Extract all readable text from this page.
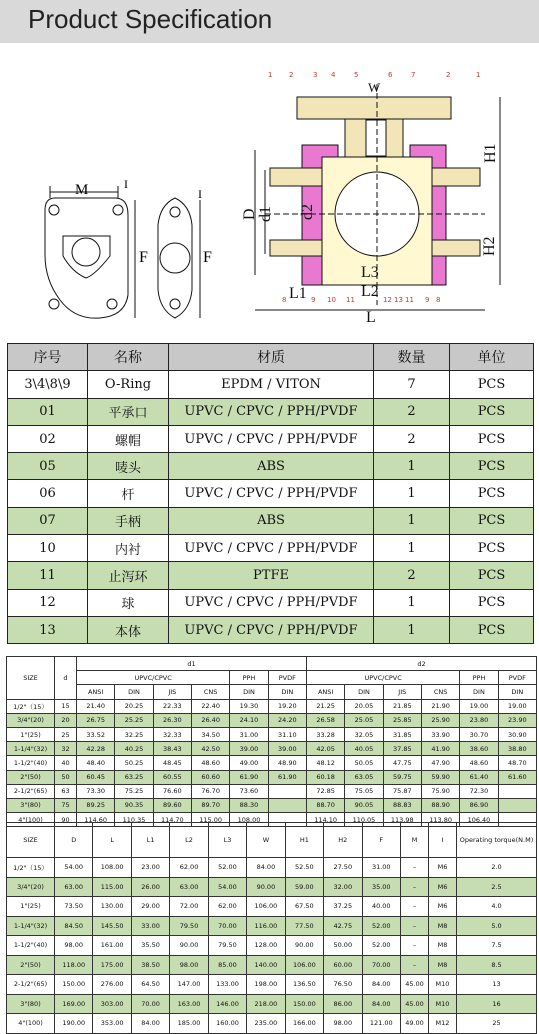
Product Specification
M	I
F
I
F
W
H1
H2
D d1 d2
L
L1	L2
L3
1 2	3 4	5	6	7	2	1
8	9 10 11	12 13 11 9 8
序号	名称	材质	数量	单位
3\4\8\9	O-Ring	EPDM / VITON	7	PCS
01	平承口	UPVC / CPVC / PPH/PVDF	2	PCS
02	螺帽	UPVC / CPVC / PPH/PVDF	2	PCS
05	唛头	ABS	1	PCS
06	杆	UPVC / CPVC / PPH/PVDF	1	PCS
07	手柄	ABS	1	PCS
10	内衬	UPVC / CPVC / PPH/PVDF	1	PCS
11	止泻环	PTFE	2	PCS
12	球	UPVC / CPVC / PPH/PVDF	1	PCS
13	本体	UPVC / CPVC / PPH/PVDF	1	PCS
SIZE	d	d1						d2					
		UPVC/CPVC				PPH	PVDF	UPVC/CPVC				PPH	PVDF
		ANSI	DIN	JIS	CNS	DIN	DIN	ANSI	DIN	JIS	CNS	DIN	DIN
1/2"（15）	15	21.40	20.25	22.33	22.40	19.30	19.20	21.25	20.05	21.85	21.90	19.00	19.00
3/4"(20)	20	26.75	25.25	26.30	26.40	24.10	24.20	26.58	25.05	25.85	25.90	23.80	23.90
1"(25)	25	33.52	32.25	32.33	34.50	31.00	31.10	33.28	32.05	31.85	33.90	30.70	30.90
1-1/4"(32)	32	42.28	40.25	38.43	42.50	39.00	39.00	42.05	40.05	37.85	41.90	38.60	38.80
1-1/2"(40)	40	48.40	50.25	48.45	48.60	49.00	48.90	48.12	50.05	47.75	47.90	48.60	48.70
2"(50)	50	60.45	63.25	60.55	60.60	61.90	61.90	60.18	63.05	59.75	59.90	61.40	61.60
2-1/2"(65)	63	73.30	75.25	76.60	76.70	73.60		72.85	75.05	75.87	75.90	72.30	
3"(80)	75	89.25	90.35	89.60	89.70	88.30		88.70	90.05	88.83	88.90	86.90	
4"(100)	90	114.60	110.35	114.70	115.00	108.00		114.10	110.05	113.98	113.80	106.40	
SIZE	D	L	L1	L2	L3	W	H1	H2	F	M	I	Operating torque(N.M)
1/2"（15）	54.00	108.00	23.00	62.00	52.00	84.00	52.50	27.50	31.00	–	M6	2.0
3/4"(20)	63.00	115.00	26.00	63.00	54.00	90.00	59.00	32.00	35.00	–	M6	2.5
1"(25)	73.50	130.00	29.00	72.00	62.00	106.00	67.50	37.25	40.00	–	M6	4.0
1-1/4"(32)	84.50	145.50	33.00	79.50	70.00	116.00	77.50	42.75	52.00	–	M8	5.0
1-1/2"(40)	98.00	161.00	35.50	90.00	79.50	128.00	90.00	50.00	52.00	–	M8	7.5
2"(50)	118.00	175.00	38.50	98.00	85.00	140.00	106.00	60.00	70.00	–	M8	8.5
2-1/2"(65)	150.00	276.00	64.50	147.00	133.00	198.00	136.50	76.50	84.00	45.00	M10	13
3"(80)	169.00	303.00	70.00	163.00	146.00	218.00	150.00	86.00	84.00	45.00	M10	16
4"(100)	190.00	353.00	84.00	185.00	160.00	235.00	166.00	98.00	121.00	49.00	M12	25
